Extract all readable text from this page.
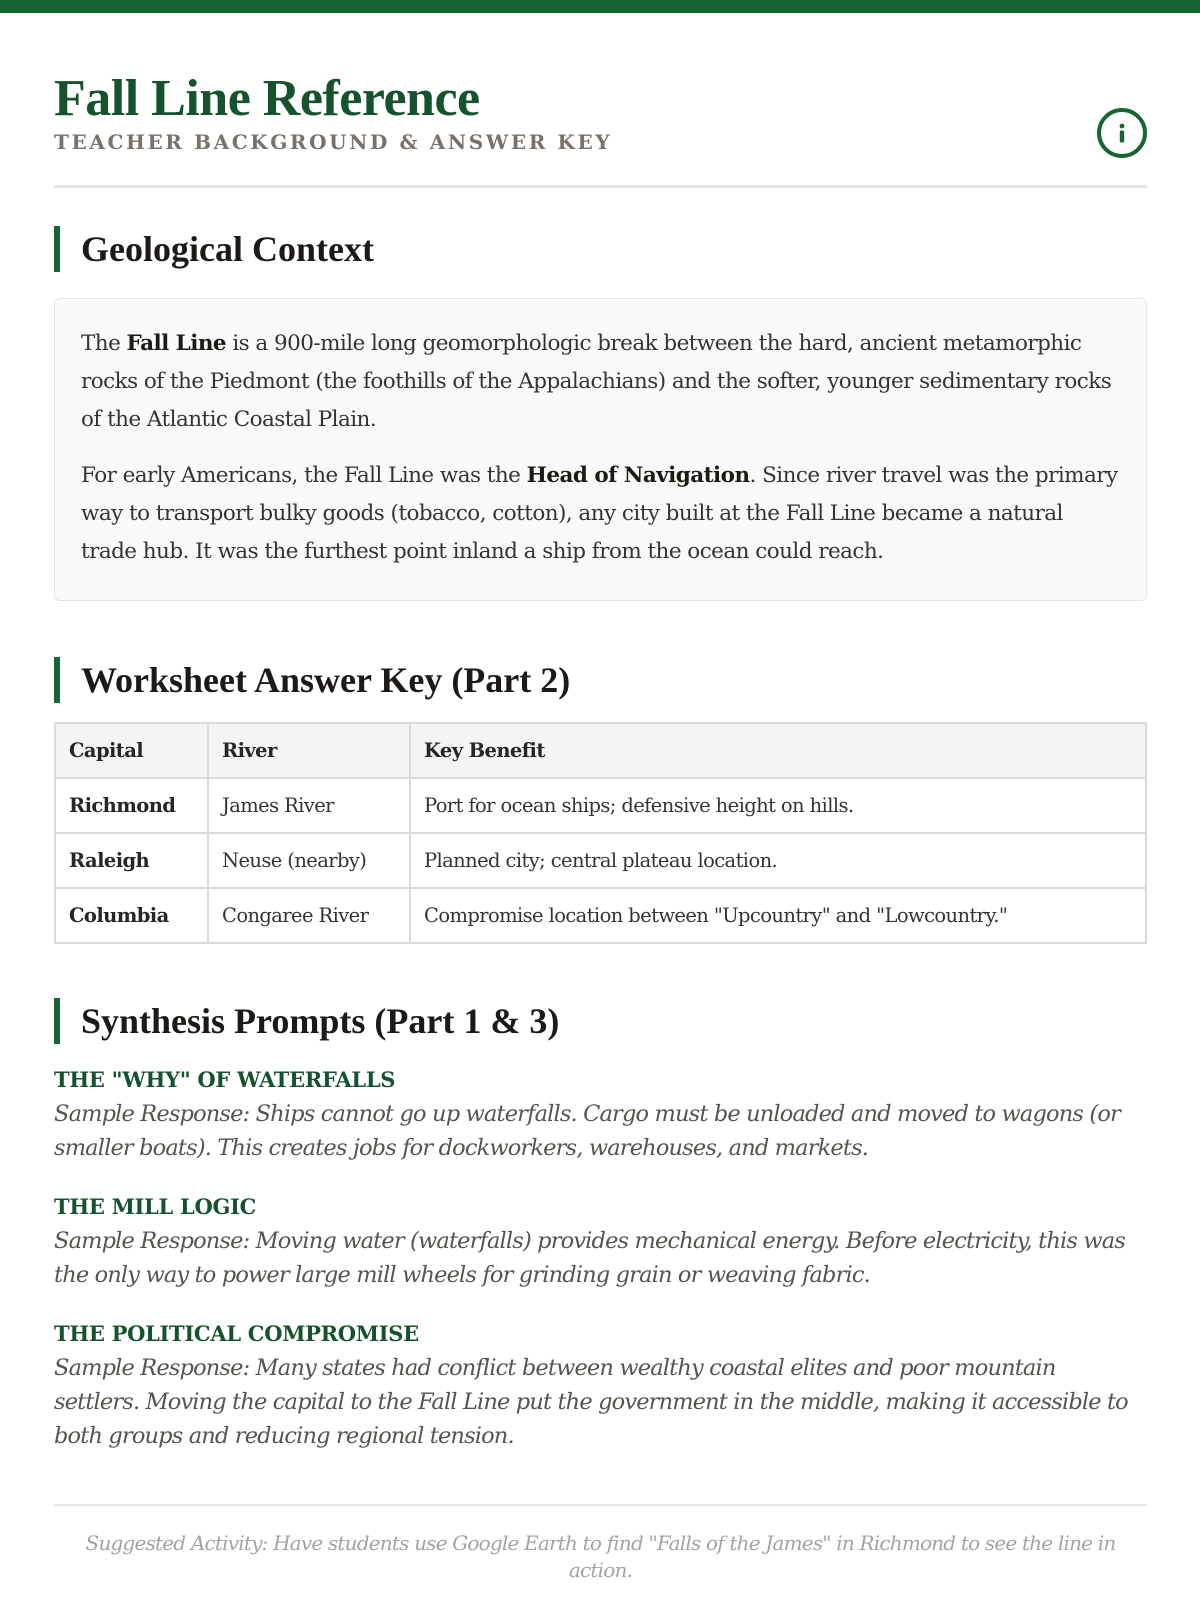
Fall Line Reference
TEACHER BACKGROUND & ANSWER KEY
Geological Context

The Fall Line is a 900-mile long geomorphologic break between the hard, ancient metamorphic rocks of the Piedmont (the foothills of the Appalachians) and the softer, younger sedimentary rocks of the Atlantic Coastal Plain.

For early Americans, the Fall Line was the Head of Navigation. Since river travel was the primary way to transport bulky goods (tobacco, cotton), any city built at the Fall Line became a natural trade hub. It was the furthest point inland a ship from the ocean could reach.

Worksheet Answer Key (Part 2)
Capital	River	Key Benefit
Richmond	James River	Port for ocean ships; defensive height on hills.
Raleigh	Neuse (nearby)	Planned city; central plateau location.
Columbia	Congaree River	Compromise location between "Upcountry" and "Lowcountry."
Synthesis Prompts (Part 1 & 3)
THE "WHY" OF WATERFALLS
Sample Response: Ships cannot go up waterfalls. Cargo must be unloaded and moved to wagons (or smaller boats). This creates jobs for dockworkers, warehouses, and markets.
THE MILL LOGIC
Sample Response: Moving water (waterfalls) provides mechanical energy. Before electricity, this was the only way to power large mill wheels for grinding grain or weaving fabric.
THE POLITICAL COMPROMISE
Sample Response: Many states had conflict between wealthy coastal elites and poor mountain settlers. Moving the capital to the Fall Line put the government in the middle, making it accessible to both groups and reducing regional tension.
Suggested Activity: Have students use Google Earth to find "Falls of the James" in Richmond to see the line in action.
